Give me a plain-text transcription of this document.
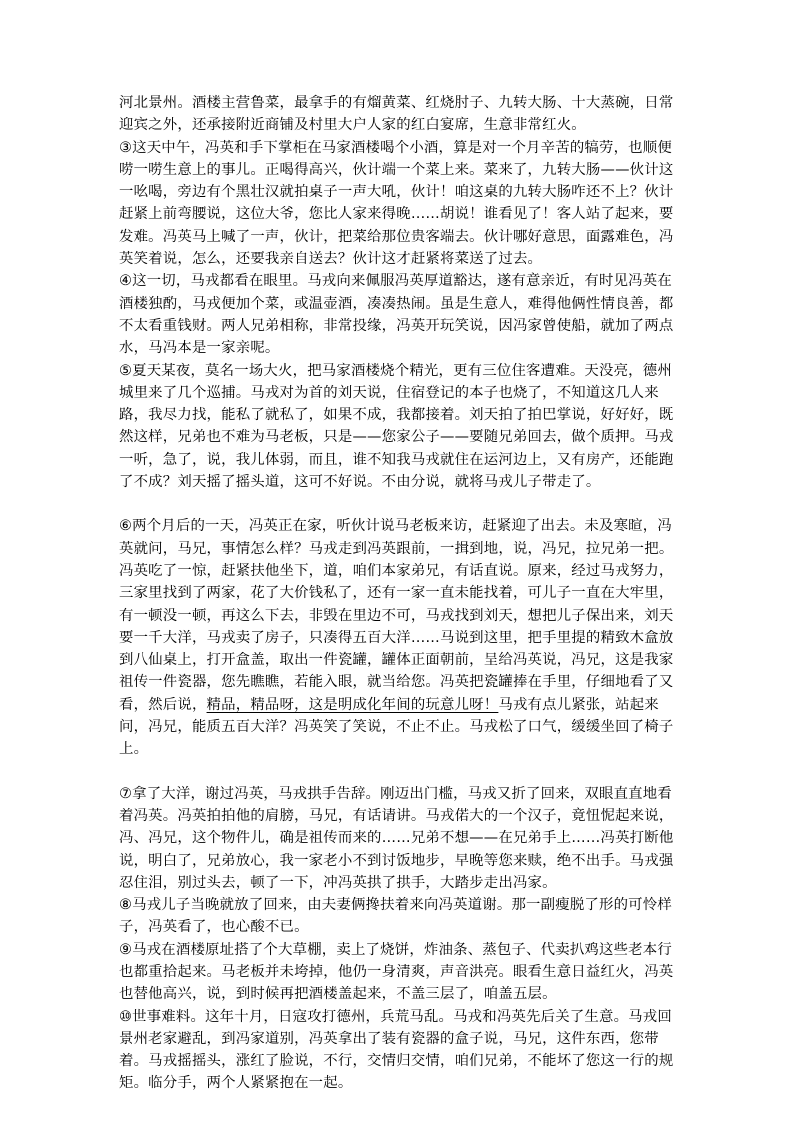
河北景州。酒楼主营鲁菜，最拿手的有熘黄菜、红烧肘子、九转大肠、十大蒸碗，日常迎宾之外，还承接附近商铺及村里大户人家的红白宴席，生意非常红火。

③这天中午，冯英和手下掌柜在马家酒楼喝个小酒，算是对一个月辛苦的犒劳，也顺便唠一唠生意上的事儿。正喝得高兴，伙计端一个菜上来。菜来了，九转大肠——伙计这一吆喝，旁边有个黑壮汉就拍桌子一声大吼，伙计！咱这桌的九转大肠咋还不上？伙计赶紧上前弯腰说，这位大爷，您比人家来得晚……胡说！谁看见了！客人站了起来，要发难。冯英马上喊了一声，伙计，把菜给那位贵客端去。伙计哪好意思，面露难色，冯英笑着说，怎么，还要我亲自送去？伙计这才赶紧将菜送了过去。

④这一切，马戎都看在眼里。马戎向来佩服冯英厚道豁达，遂有意亲近，有时见冯英在酒楼独酌，马戎便加个菜，或温壶酒，凑凑热闹。虽是生意人，难得他俩性情良善，都不太看重钱财。两人兄弟相称，非常投缘，冯英开玩笑说，因冯家曾使船，就加了两点水，马冯本是一家亲呢。

⑤夏天某夜，莫名一场大火，把马家酒楼烧个精光，更有三位住客遭难。天没亮，德州城里来了几个巡捕。马戎对为首的刘天说，住宿登记的本子也烧了，不知道这几人来路，我尽力找，能私了就私了，如果不成，我都接着。刘天拍了拍巴掌说，好好好，既然这样，兄弟也不难为马老板，只是——您家公子——要随兄弟回去，做个质押。马戎一听，急了，说，我儿体弱，而且，谁不知我马戎就住在运河边上，又有房产，还能跑了不成？刘天摇了摇头道，这可不好说。不由分说，就将马戎儿子带走了。

⑥两个月后的一天，冯英正在家，听伙计说马老板来访，赶紧迎了出去。未及寒暄，冯英就问，马兄，事情怎么样？马戎走到冯英跟前，一揖到地，说，冯兄，拉兄弟一把。冯英吃了一惊，赶紧扶他坐下，道，咱们本家弟兄，有话直说。原来，经过马戎努力，三家里找到了两家，花了大价钱私了，还有一家一直未能找着，可儿子一直在大牢里，有一顿没一顿，再这么下去，非毁在里边不可，马戎找到刘天，想把儿子保出来，刘天要一千大洋，马戎卖了房子，只凑得五百大洋……马说到这里，把手里提的精致木盒放到八仙桌上，打开盒盖，取出一件瓷罐，罐体正面朝前，呈给冯英说，冯兄，这是我家祖传一件瓷器，您先瞧瞧，若能入眼，就当给您。冯英把瓷罐捧在手里，仔细地看了又看，然后说，精品，精品呀，这是明成化年间的玩意儿呀！马戎有点儿紧张，站起来问，冯兄，能质五百大洋？冯英笑了笑说，不止不止。马戎松了口气，缓缓坐回了椅子上。

⑦拿了大洋，谢过冯英，马戎拱手告辞。刚迈出门槛，马戎又折了回来，双眼直直地看着冯英。冯英拍拍他的肩膀，马兄，有话请讲。马戎偌大的一个汉子，竟忸怩起来说，冯、冯兄，这个物件儿，确是祖传而来的……兄弟不想——在兄弟手上……冯英打断他说，明白了，兄弟放心，我一家老小不到讨饭地步，早晚等您来赎，绝不出手。马戎强忍住泪，别过头去，顿了一下，冲冯英拱了拱手，大踏步走出冯家。

⑧马戎儿子当晚就放了回来，由夫妻俩搀扶着来向冯英道谢。那一副瘦脱了形的可怜样子，冯英看了，也心酸不已。

⑨马戎在酒楼原址搭了个大草棚，卖上了烧饼，炸油条、蒸包子、代卖扒鸡这些老本行也都重拾起来。马老板并未垮掉，他仍一身清爽，声音洪亮。眼看生意日益红火，冯英也替他高兴，说，到时候再把酒楼盖起来，不盖三层了，咱盖五层。

⑩世事难料。这年十月，日寇攻打德州，兵荒马乱。马戎和冯英先后关了生意。马戎回景州老家避乱，到冯家道别，冯英拿出了装有瓷器的盒子说，马兄，这件东西，您带着。马戎摇摇头，涨红了脸说，不行，交情归交情，咱们兄弟，不能坏了您这一行的规矩。临分手，两个人紧紧抱在一起。
